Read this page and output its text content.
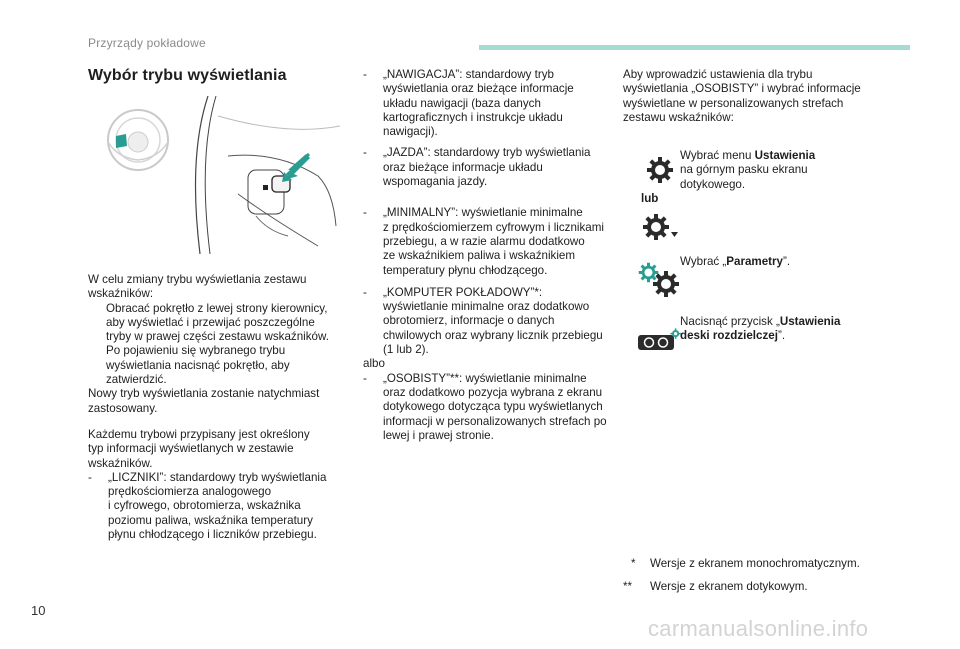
Przyrządy pokładowe
Wybór trybu wyświetlania

W celu zmiany trybu wyświetlania zestawu wskaźników:

Obracać pokrętło z lewej strony kierownicy,
aby wyświetlać i przewijać poszczególne
tryby w prawej części zestawu wskaźników.
Po pojawieniu się wybranego trybu
wyświetlania nacisnąć pokrętło, aby
zatwierdzić.
Nowy tryb wyświetlania zostanie natychmiast
zastosowany.
Każdemu trybowi przypisany jest określony
typ informacji wyświetlanych w zestawie
wskaźników.
- „LICZNIKI”: standardowy tryb wyświetlania
prędkościomierza analogowego
i cyfrowego, obrotomierza, wskaźnika
poziomu paliwa, wskaźnika temperatury
płynu chłodzącego i liczników przebiegu.
- „NAWIGACJA”: standardowy tryb
wyświetlania oraz bieżące informacje
układu nawigacji (baza danych
kartograficznych i instrukcje układu
nawigacji).
- „JAZDA”: standardowy tryb wyświetlania
oraz bieżące informacje układu
wspomagania jazdy.
- „MINIMALNY”: wyświetlanie minimalne
z prędkościomierzem cyfrowym i licznikami
przebiegu, a w razie alarmu dodatkowo
ze wskaźnikiem paliwa i wskaźnikiem
temperatury płynu chłodzącego.
- „KOMPUTER POKŁADOWY”*:
wyświetlanie minimalne oraz dodatkowo
obrotomierz, informacje o danych
chwilowych oraz wybrany licznik przebiegu
(1 lub 2).
albo
- „OSOBISTY”**: wyświetlanie minimalne
oraz dodatkowo pozycja wybrana z ekranu
dotykowego dotycząca typu wyświetlanych
informacji w personalizowanych strefach po
lewej i prawej stronie.
Aby wprowadzić ustawienia dla trybu
wyświetlania „OSOBISTY” i wybrać informacje
wyświetlane w personalizowanych strefach
zestawu wskaźników:
lub
Wybrać menu Ustawienia
na górnym pasku ekranu
dotykowego.
Wybrać „Parametry”.
Nacisnąć przycisk „Ustawienia
deski rozdzielczej”.
* Wersje z ekranem monochromatycznym.
** Wersje z ekranem dotykowym.
10
carmanualsonline.info
